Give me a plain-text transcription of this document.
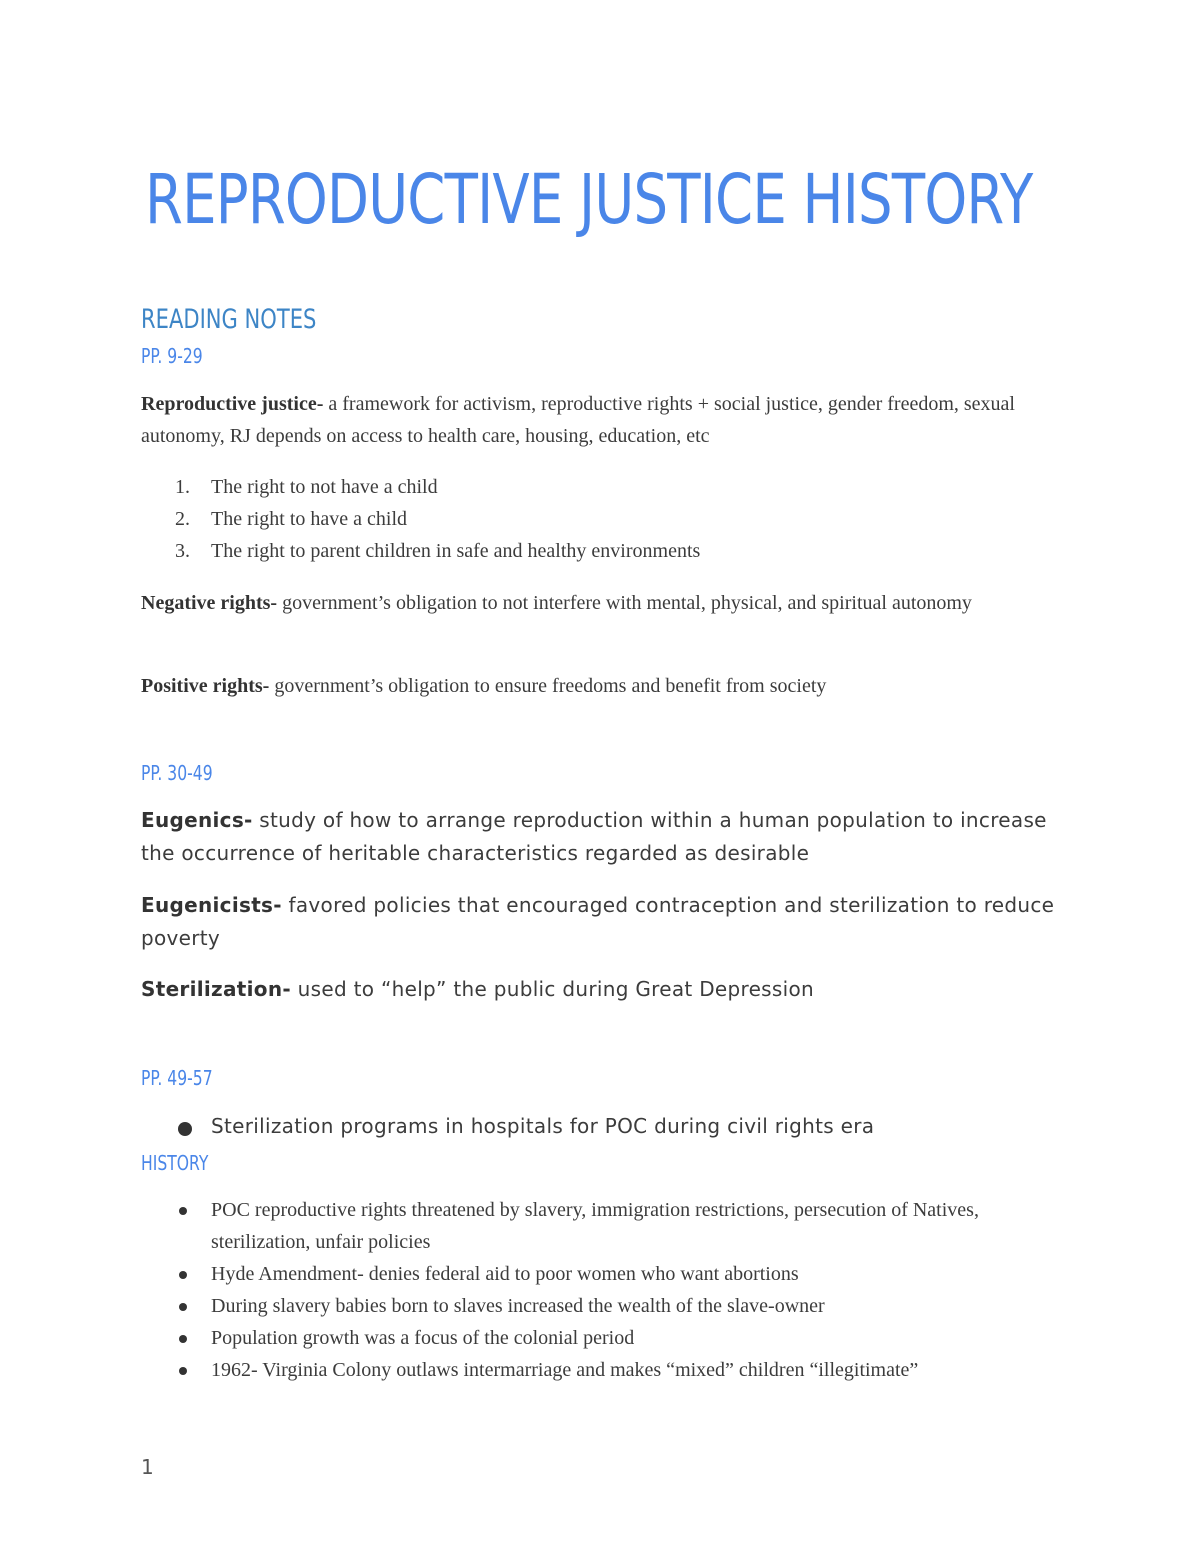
REPRODUCTIVE JUSTICE HISTORY
READING NOTES
PP. 9-29

Reproductive justice- a framework for activism, reproductive rights + social justice, gender freedom, sexual autonomy, RJ depends on access to health care, housing, education, etc

1.	The right to not have a child
2.	The right to have a child
3.	The right to parent children in safe and healthy environments

Negative rights- government’s obligation to not interfere with mental, physical, and spiritual autonomy

Positive rights- government’s obligation to ensure freedoms and benefit from society

PP. 30-49

Eugenics- study of how to arrange reproduction within a human population to increase the occurrence of heritable characteristics regarded as desirable

Eugenicists- favored policies that encouraged contraception and sterilization to reduce poverty

Sterilization- used to “help” the public during Great Depression

PP. 49-57
Sterilization programs in hospitals for POC during civil rights era
HISTORY
POC reproductive rights threatened by slavery, immigration restrictions, persecution of Natives, sterilization, unfair policies
Hyde Amendment- denies federal aid to poor women who want abortions
During slavery babies born to slaves increased the wealth of the slave-owner
Population growth was a focus of the colonial period
1962- Virginia Colony outlaws intermarriage and makes “mixed” children “illegitimate”
1
